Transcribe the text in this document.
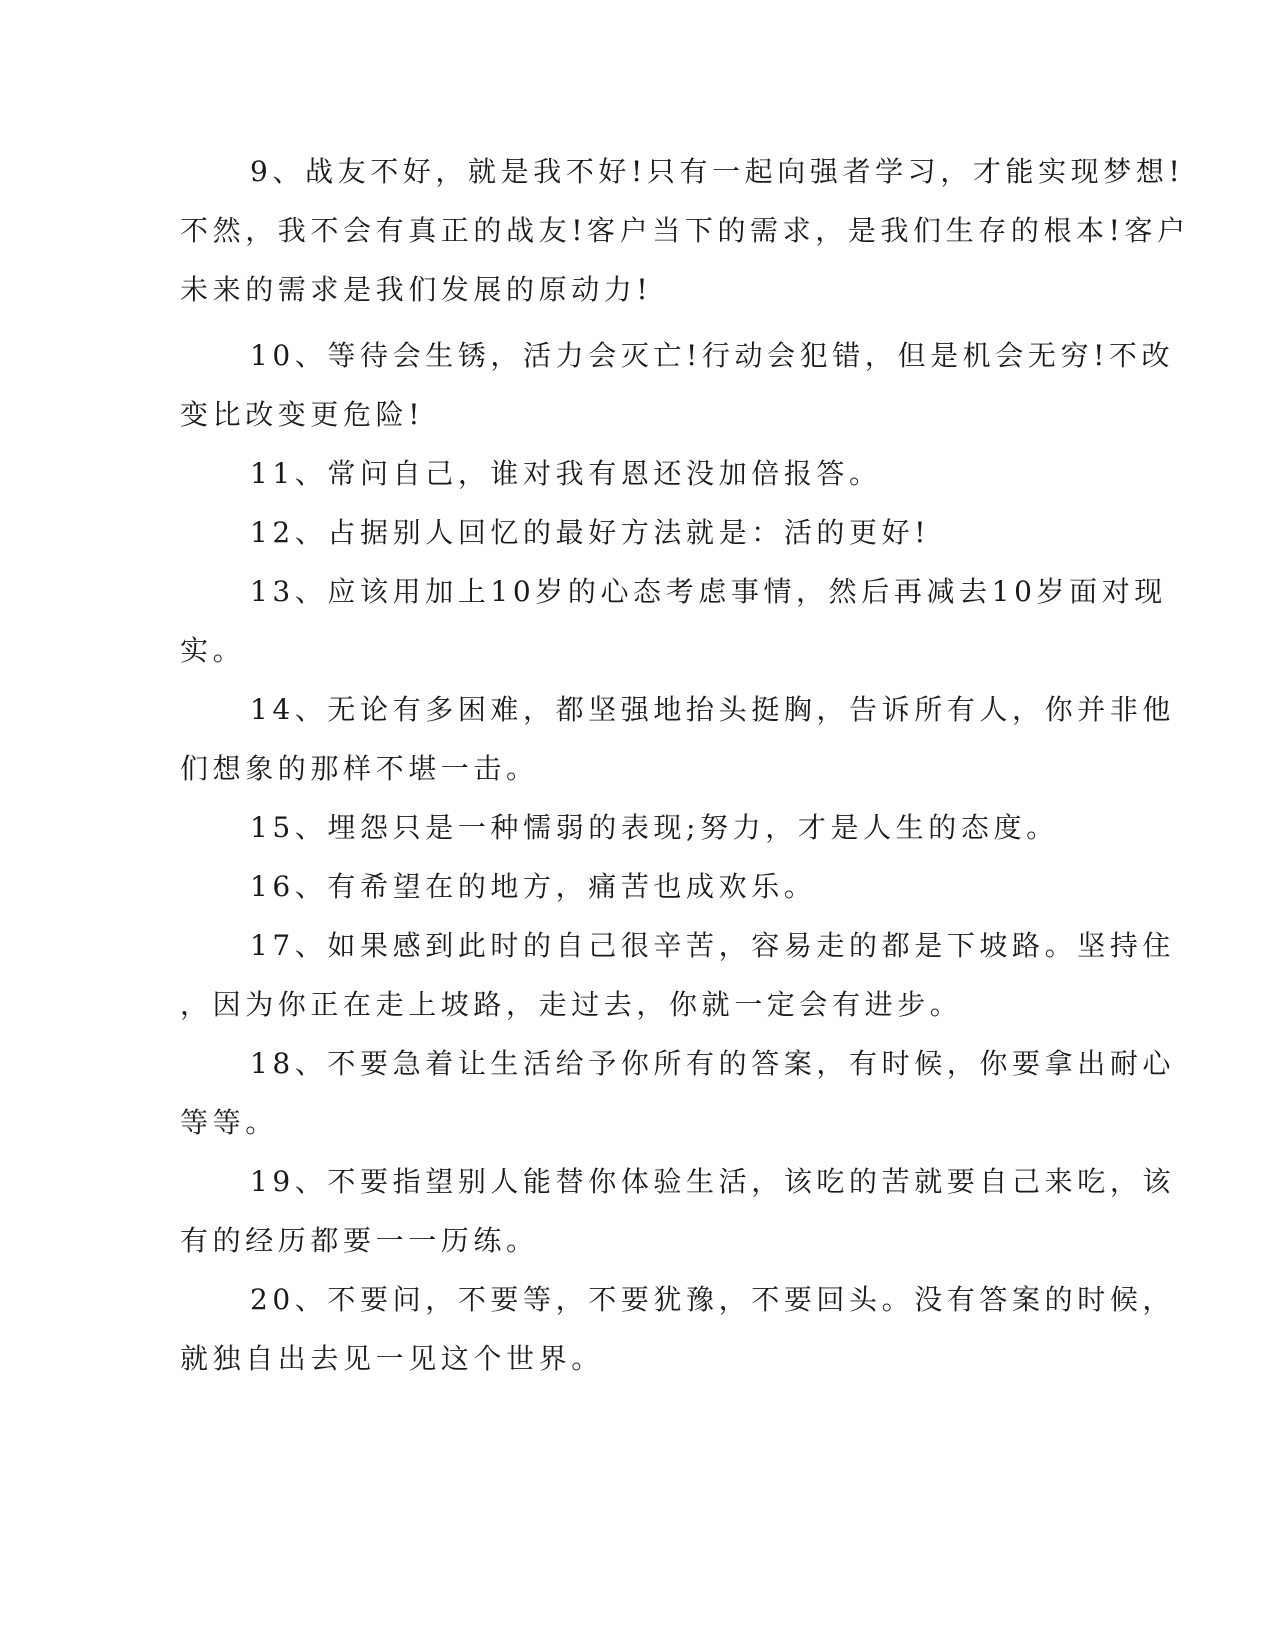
9、战友不好，就是我不好!只有一起向强者学习，才能实现梦想!
不然，我不会有真正的战友!客户当下的需求，是我们生存的根本!客户
未来的需求是我们发展的原动力!
10、等待会生锈，活力会灭亡!行动会犯错，但是机会无穷!不改
变比改变更危险!
11、常问自己，谁对我有恩还没加倍报答。
12、占据别人回忆的最好方法就是：活的更好!
13、应该用加上10岁的心态考虑事情，然后再减去10岁面对现
实。
14、无论有多困难，都坚强地抬头挺胸，告诉所有人，你并非他
们想象的那样不堪一击。
15、埋怨只是一种懦弱的表现;努力，才是人生的态度。
16、有希望在的地方，痛苦也成欢乐。
17、如果感到此时的自己很辛苦，容易走的都是下坡路。坚持住
，因为你正在走上坡路，走过去，你就一定会有进步。
18、不要急着让生活给予你所有的答案，有时候，你要拿出耐心
等等。
19、不要指望别人能替你体验生活，该吃的苦就要自己来吃，该
有的经历都要一一历练。
20、不要问，不要等，不要犹豫，不要回头。没有答案的时候，
就独自出去见一见这个世界。
